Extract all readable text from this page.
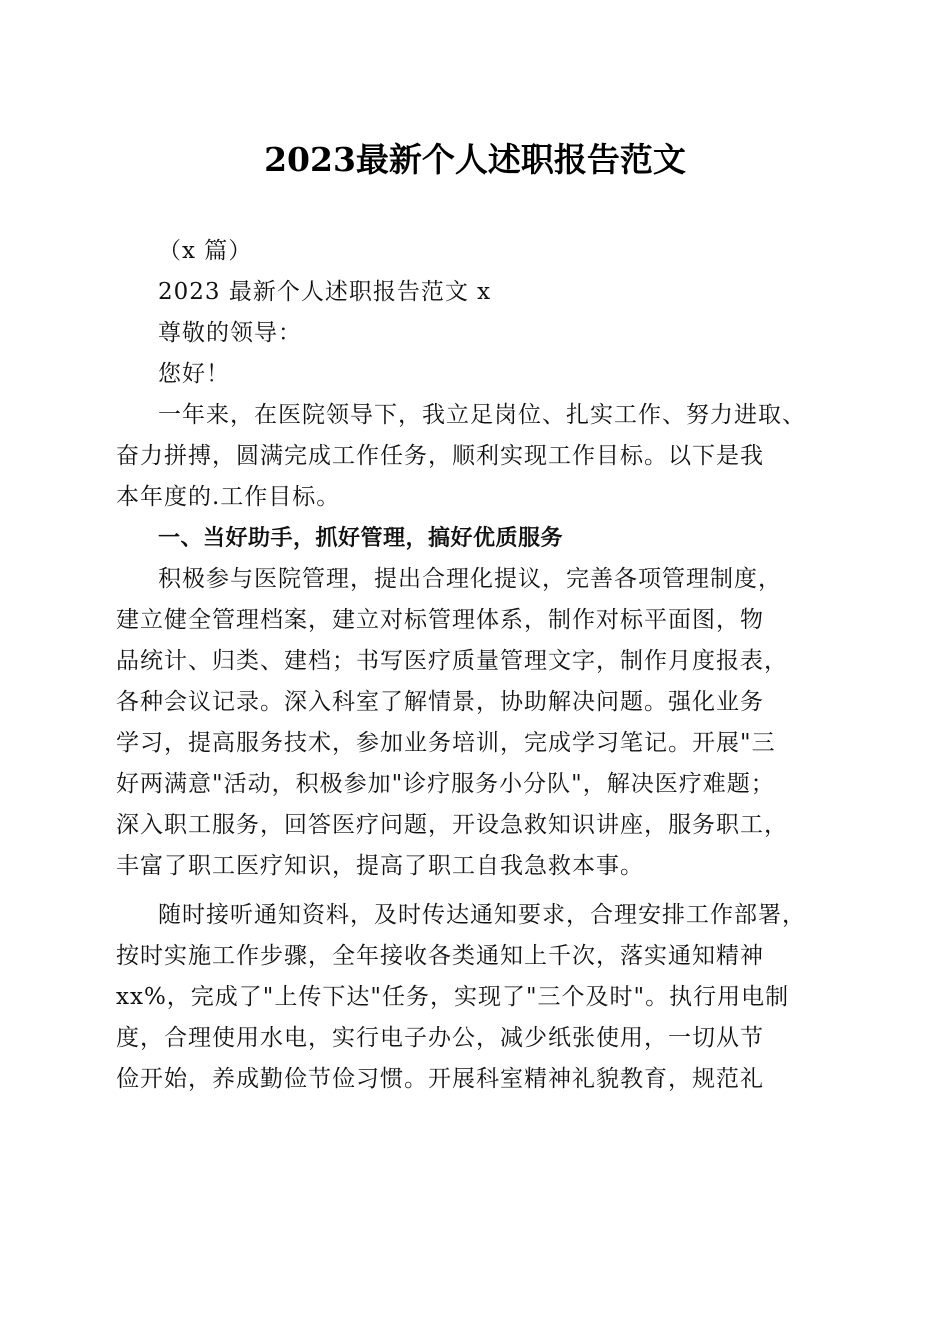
2023最新个人述职报告范文
（x 篇）
2023 最新个人述职报告范文 x
尊敬的领导：
您好！
一年来，在医院领导下，我立足岗位、扎实工作、努力进取、
奋力拼搏，圆满完成工作任务，顺利实现工作目标。以下是我
本年度的.工作目标。
一、当好助手，抓好管理，搞好优质服务
积极参与医院管理，提出合理化提议，完善各项管理制度，
建立健全管理档案，建立对标管理体系，制作对标平面图，物
品统计、归类、建档；书写医疗质量管理文字，制作月度报表，
各种会议记录。深入科室了解情景，协助解决问题。强化业务
学习，提高服务技术，参加业务培训，完成学习笔记。开展"三
好两满意"活动，积极参加"诊疗服务小分队"，解决医疗难题；
深入职工服务，回答医疗问题，开设急救知识讲座，服务职工，
丰富了职工医疗知识，提高了职工自我急救本事。
随时接听通知资料，及时传达通知要求，合理安排工作部署，
按时实施工作步骤，全年接收各类通知上千次，落实通知精神
xx%，完成了"上传下达"任务，实现了"三个及时"。执行用电制
度，合理使用水电，实行电子办公，减少纸张使用，一切从节
俭开始，养成勤俭节俭习惯。开展科室精神礼貌教育，规范礼
